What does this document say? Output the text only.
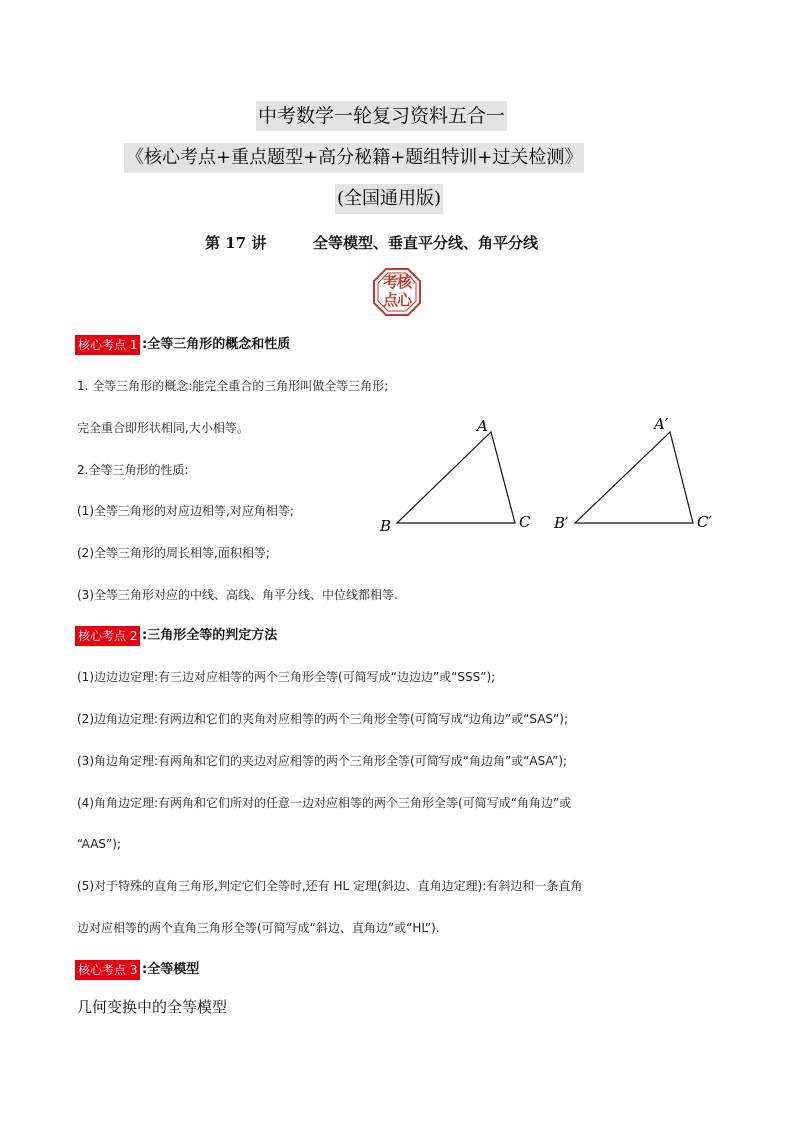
中考数学一轮复习资料五合一
《核心考点+重点题型+高分秘籍+题组特训+过关检测》
(全国通用版)
第 17 讲	全等模型、垂直平分线、角平分线
考核
点心
核心考点 1 :全等三角形的概念和性质
1. 全等三角形的概念:能完全重合的三角形叫做全等三角形;
完全重合即形状相同,大小相等。
2.全等三角形的性质:
(1)全等三角形的对应边相等,对应角相等;
(2)全等三角形的周长相等,面积相等;
(3)全等三角形对应的中线、高线、角平分线、中位线都相等.
A
B	C
A′
B′	C′
核心考点 2 :三角形全等的判定方法
(1)边边边定理:有三边对应相等的两个三角形全等(可简写成“边边边”或“SSS”);
(2)边角边定理:有两边和它们的夹角对应相等的两个三角形全等(可简写成“边角边”或“SAS”);
(3)角边角定理:有两角和它们的夹边对应相等的两个三角形全等(可简写成“角边角”或“ASA”);
(4)角角边定理:有两角和它们所对的任意一边对应相等的两个三角形全等(可简写成“角角边”或
“AAS”);
(5)对于特殊的直角三角形,判定它们全等时,还有 HL 定理(斜边、直角边定理):有斜边和一条直角
边对应相等的两个直角三角形全等(可简写成“斜边、直角边”或“HL”).
核心考点 3 :全等模型
几何变换中的全等模型
